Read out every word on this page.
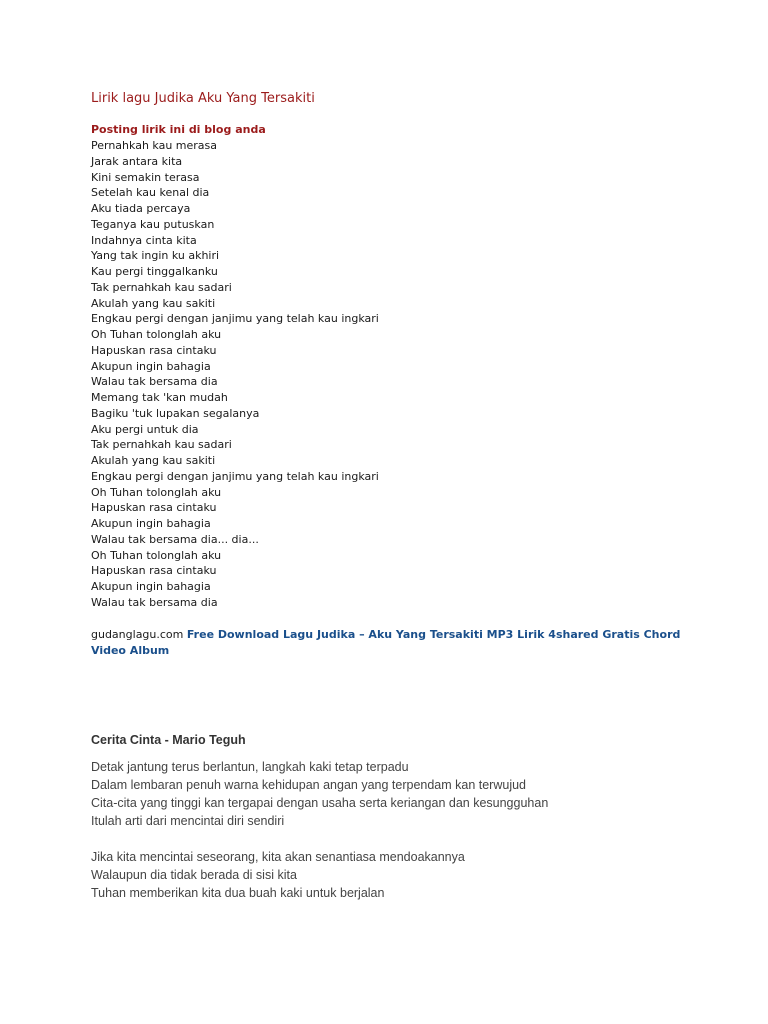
Lirik lagu Judika Aku Yang Tersakiti
Posting lirik ini di blog anda
Pernahkah kau merasa
Jarak antara kita
Kini semakin terasa
Setelah kau kenal dia
Aku tiada percaya
Teganya kau putuskan
Indahnya cinta kita
Yang tak ingin ku akhiri
Kau pergi tinggalkanku
Tak pernahkah kau sadari
Akulah yang kau sakiti
Engkau pergi dengan janjimu yang telah kau ingkari
Oh Tuhan tolonglah aku
Hapuskan rasa cintaku
Akupun ingin bahagia
Walau tak bersama dia
Memang tak 'kan mudah
Bagiku 'tuk lupakan segalanya
Aku pergi untuk dia
Tak pernahkah kau sadari
Akulah yang kau sakiti
Engkau pergi dengan janjimu yang telah kau ingkari
Oh Tuhan tolonglah aku
Hapuskan rasa cintaku
Akupun ingin bahagia
Walau tak bersama dia... dia...
Oh Tuhan tolonglah aku
Hapuskan rasa cintaku
Akupun ingin bahagia
Walau tak bersama dia
gudanglagu.com Free Download Lagu Judika – Aku Yang Tersakiti MP3 Lirik 4shared Gratis Chord Video Album
Cerita Cinta - Mario Teguh
Detak jantung terus berlantun, langkah kaki tetap terpadu
Dalam lembaran penuh warna kehidupan angan yang terpendam kan terwujud
Cita-cita yang tinggi kan tergapai dengan usaha serta keriangan dan kesungguhan
Itulah arti dari mencintai diri sendiri
Jika kita mencintai seseorang, kita akan senantiasa mendoakannya
Walaupun dia tidak berada di sisi kita
Tuhan memberikan kita dua buah kaki untuk berjalan
